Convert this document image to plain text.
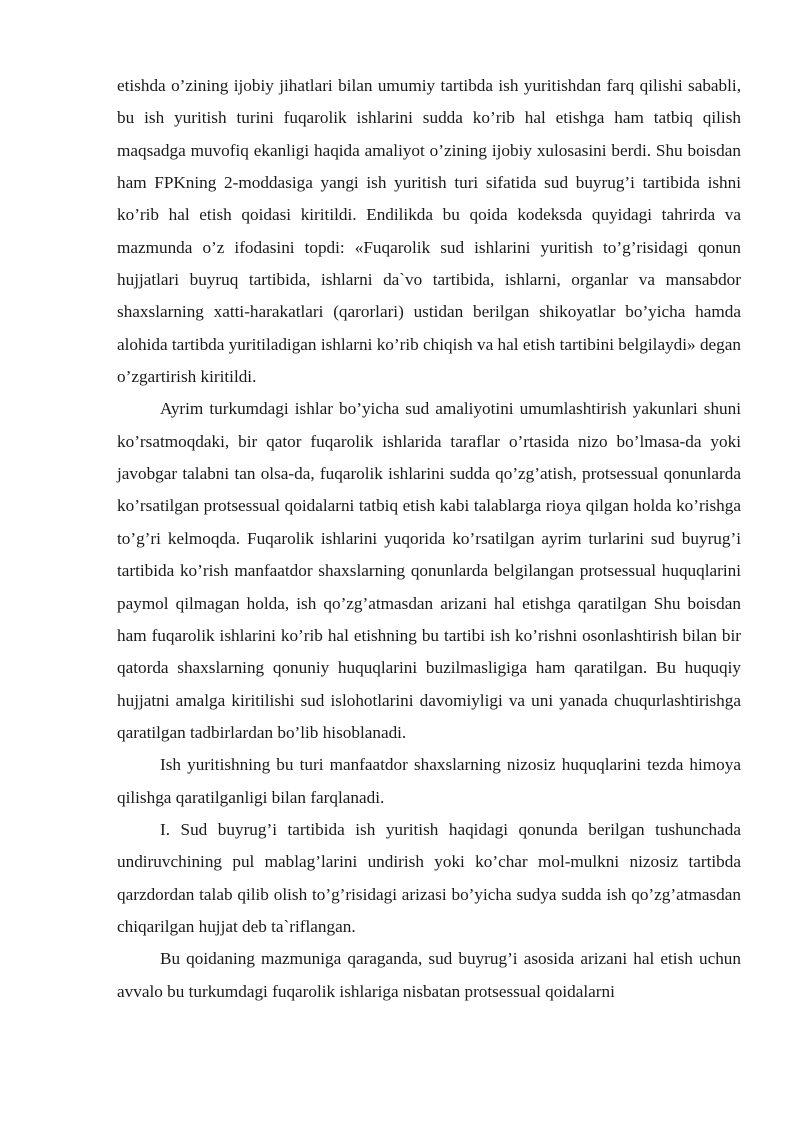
etishda o’zining ijobiy jihatlari bilan umumiy tartibda ish yuritishdan farq qilishi sababli, bu ish yuritish turini fuqarolik ishlarini sudda ko’rib hal etishga ham tatbiq qilish maqsadga muvofiq ekanligi haqida amaliyot o’zining ijobiy xulosasini berdi. Shu boisdan ham FPKning 2-moddasiga yangi ish yuritish turi sifatida sud buyrug’i tartibida ishni ko’rib hal etish qoidasi kiritildi. Endilikda bu qoida kodeksda quyidagi tahrirda va mazmunda o’z ifodasini topdi: «Fuqarolik sud ishlarini yuritish to’g’risidagi qonun hujjatlari buyruq tartibida, ishlarni da`vo tartibida, ishlarni, organlar va mansabdor shaxslarning xatti-harakatlari (qarorlari) ustidan berilgan shikoyatlar bo’yicha hamda alohida tartibda yuritiladigan ishlarni ko’rib chiqish va hal etish tartibini belgilaydi» degan o’zgartirish kiritildi.

Ayrim turkumdagi ishlar bo’yicha sud amaliyotini umumlashtirish yakunlari shuni ko’rsatmoqdaki, bir qator fuqarolik ishlarida taraflar o’rtasida nizo bo’lmasa-da yoki javobgar talabni tan olsa-da, fuqarolik ishlarini sudda qo’zg’atish, protsessual qonunlarda ko’rsatilgan protsessual qoidalarni tatbiq etish kabi talablarga rioya qilgan holda ko’rishga to’g’ri kelmoqda. Fuqarolik ishlarini yuqorida ko’rsatilgan ayrim turlarini sud buyrug’i tartibida ko’rish manfaatdor shaxslarning qonunlarda belgilangan protsessual huquqlarini paymol qilmagan holda, ish qo’zg’atmasdan arizani hal etishga qaratilgan Shu boisdan ham fuqarolik ishlarini ko’rib hal etishning bu tartibi ish ko’rishni osonlashtirish bilan bir qatorda shaxslarning qonuniy huquqlarini buzilmasligiga ham qaratilgan. Bu huquqiy hujjatni amalga kiritilishi sud islohotlarini davomiyligi va uni yanada chuqurlashtirishga qaratilgan tadbirlardan bo’lib hisoblanadi.

Ish yuritishning bu turi manfaatdor shaxslarning nizosiz huquqlarini tezda himoya qilishga qaratilganligi bilan farqlanadi.

I. Sud buyrug’i tartibida ish yuritish haqidagi qonunda berilgan tushunchada undiruvchining pul mablag’larini undirish yoki ko’char mol-mulkni nizosiz tartibda qarzdordan talab qilib olish to’g’risidagi arizasi bo’yicha sudya sudda ish qo’zg’atmasdan chiqarilgan hujjat deb ta`riflangan.

Bu qoidaning mazmuniga qaraganda, sud buyrug’i asosida arizani hal etish uchun avvalo bu turkumdagi fuqarolik ishlariga nisbatan protsessual qoidalarni
